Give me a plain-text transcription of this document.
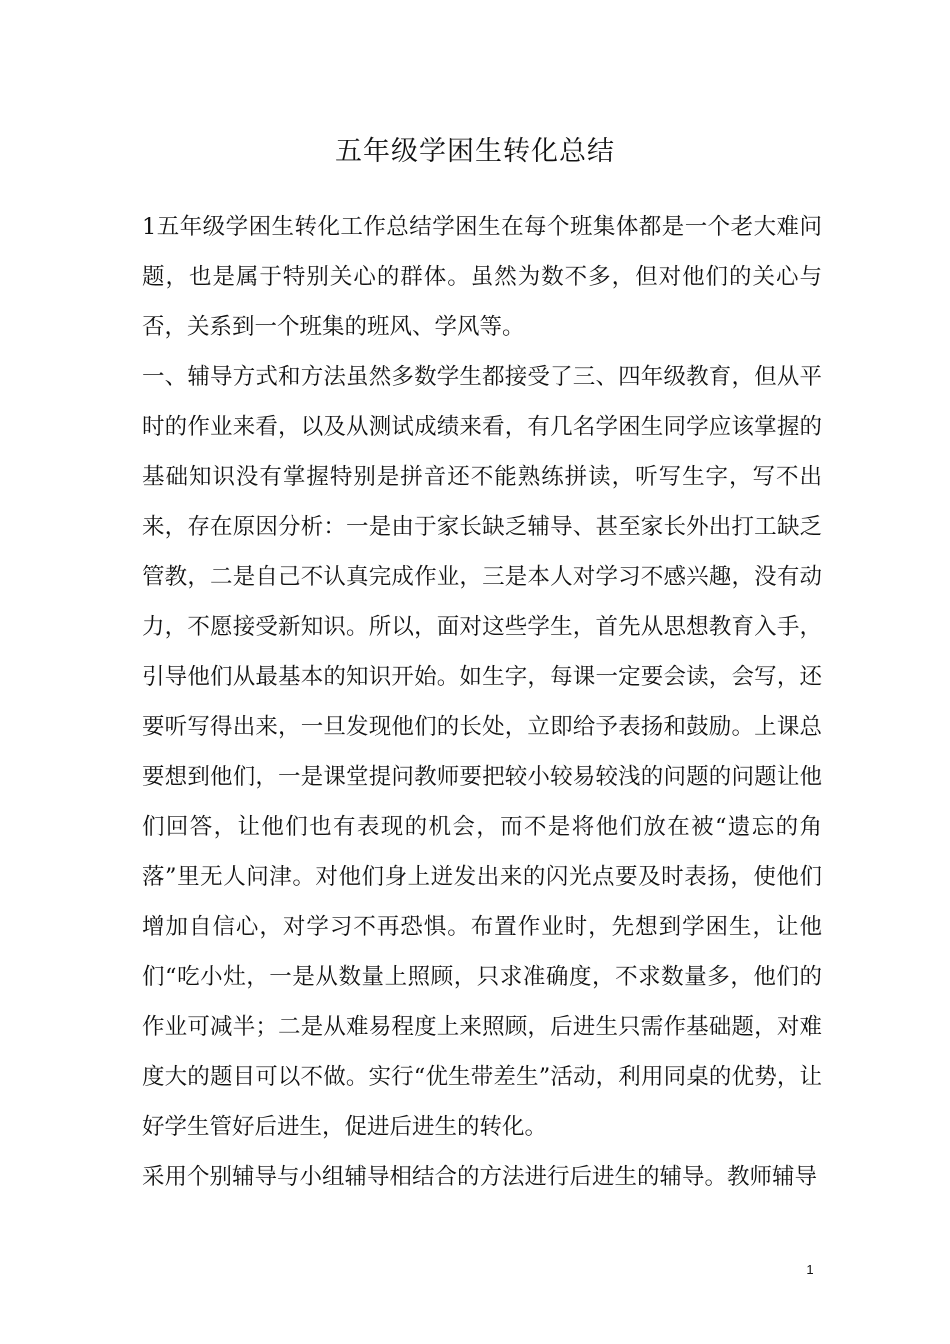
五年级学困生转化总结

1五年级学困生转化工作总结学困生在每个班集体都是一个老大难问题，也是属于特别关心的群体。虽然为数不多，但对他们的关心与否，关系到一个班集的班风、学风等。

一、辅导方式和方法虽然多数学生都接受了三、四年级教育，但从平时的作业来看，以及从测试成绩来看，有几名学困生同学应该掌握的基础知识没有掌握特别是拼音还不能熟练拼读，听写生字，写不出来，存在原因分析：一是由于家长缺乏辅导、甚至家长外出打工缺乏管教，二是自己不认真完成作业，三是本人对学习不感兴趣，没有动力，不愿接受新知识。所以，面对这些学生，首先从思想教育入手，引导他们从最基本的知识开始。如生字，每课一定要会读，会写，还要听写得出来，一旦发现他们的长处，立即给予表扬和鼓励。上课总要想到他们，一是课堂提问教师要把较小较易较浅的问题的问题让他们回答，让他们也有表现的机会，而不是将他们放在被“遗忘的角落”里无人问津。对他们身上迸发出来的闪光点要及时表扬，使他们增加自信心，对学习不再恐惧。布置作业时，先想到学困生，让他们“吃小灶，一是从数量上照顾，只求准确度，不求数量多，他们的作业可减半；二是从难易程度上来照顾，后进生只需作基础题，对难度大的题目可以不做。实行“优生带差生”活动，利用同桌的优势，让好学生管好后进生，促进后进生的转化。

采用个别辅导与小组辅导相结合的方法进行后进生的辅导。教师辅导

1
